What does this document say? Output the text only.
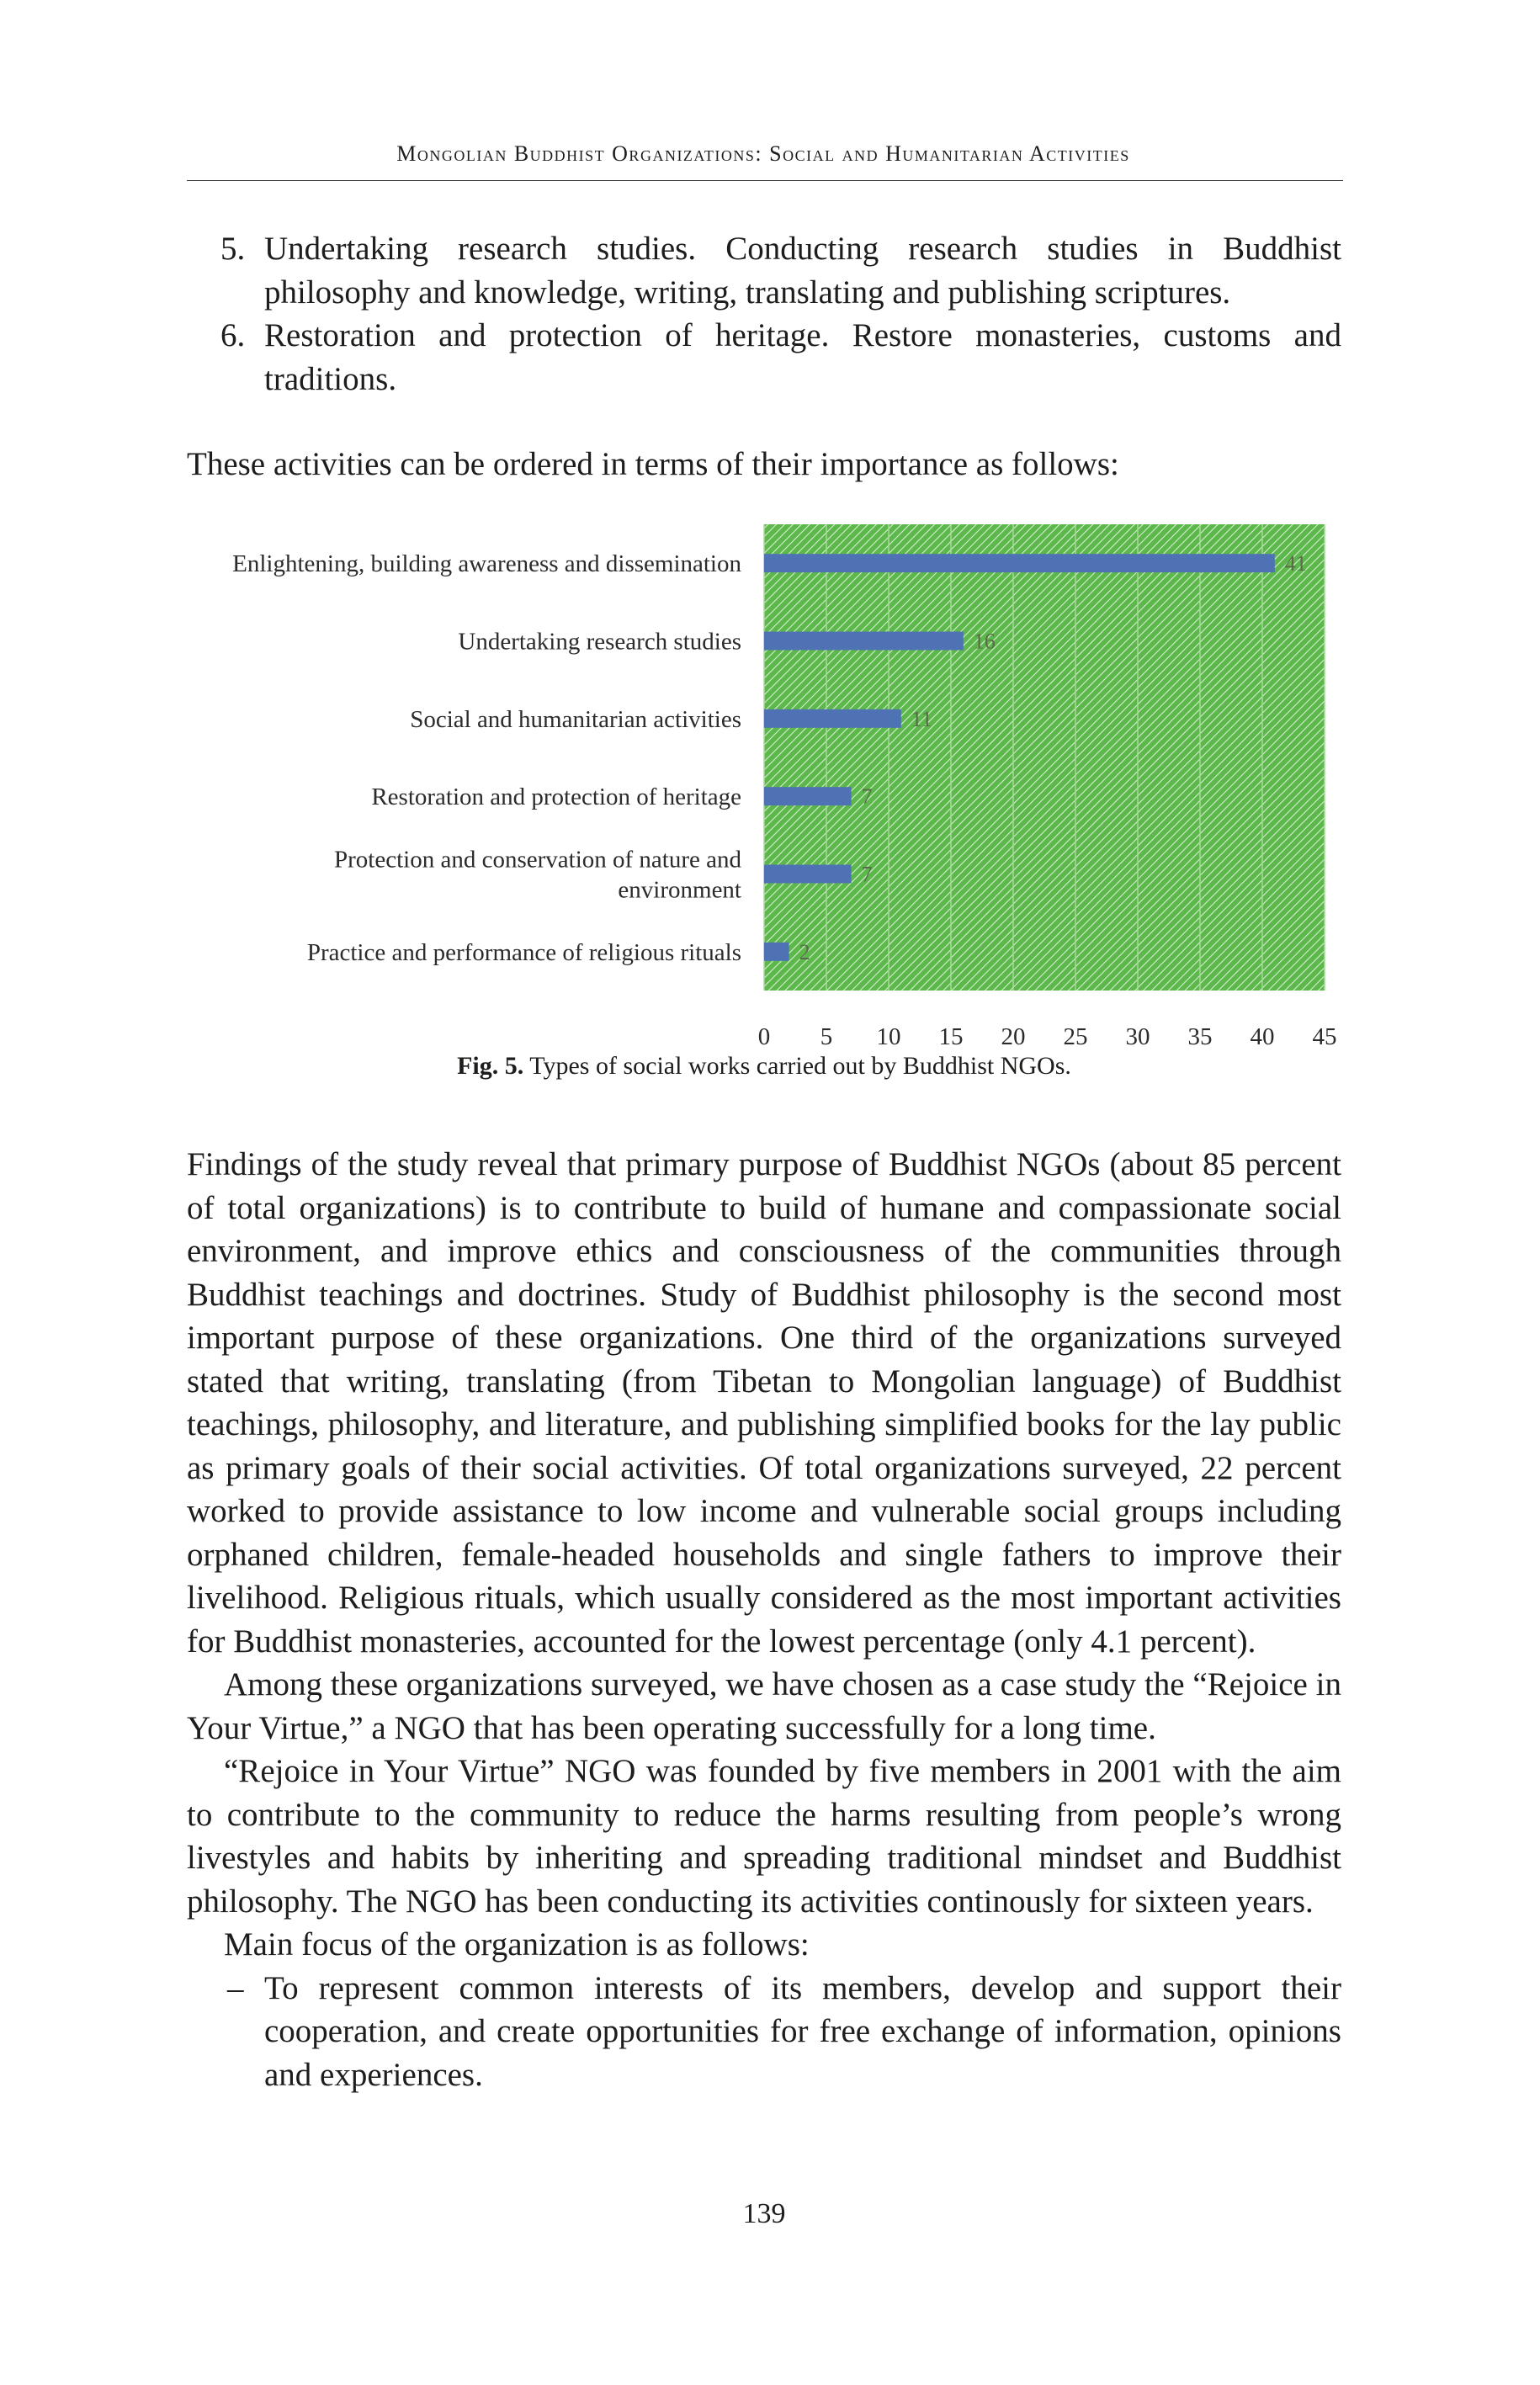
Mongolian Buddhist Organizations: Social and Humanitarian Activities
5. Undertaking research studies. Conducting research studies in Buddhist philosophy and knowledge, writing, translating and publishing scriptures.
6. Restoration and protection of heritage. Restore monasteries, customs and traditions.

These activities can be ordered in terms of their importance as follows:

Enlightening, building awareness and dissemination
Undertaking research studies
Social and humanitarian activities
Restoration and protection of heritage
Protection and conservation of nature and environment
Practice and performance of religious rituals
41
16
11
7
7
2
0 5 10 15 20 25 30 35 40 45
Fig. 5. Types of social works carried out by Buddhist NGOs.

Findings of the study reveal that primary purpose of Buddhist NGOs (about 85 percent of total organizations) is to contribute to build of humane and compassionate social environment, and improve ethics and consciousness of the communities through Buddhist teachings and doctrines. Study of Buddhist philosophy is the second most important purpose of these organizations. One third of the organizations surveyed stated that writing, translating (from Tibetan to Mongolian language) of Buddhist teachings, philosophy, and literature, and publishing simplified books for the lay public as primary goals of their social activities. Of total organizations surveyed, 22 percent worked to provide assistance to low income and vulnerable social groups including orphaned children, female-headed households and single fathers to improve their livelihood. Religious rituals, which usually considered as the most important activities for Buddhist monasteries, accounted for the lowest percentage (only 4.1 percent).

Among these organizations surveyed, we have chosen as a case study the “Rejoice in Your Virtue,” a NGO that has been operating successfully for a long time.

“Rejoice in Your Virtue” NGO was founded by five members in 2001 with the aim to contribute to the community to reduce the harms resulting from people’s wrong livestyles and habits by inheriting and spreading traditional mindset and Buddhist philosophy. The NGO has been conducting its activities continously for sixteen years.

Main focus of the organization is as follows:

– To represent common interests of its members, develop and support their cooperation, and create opportunities for free exchange of information, opinions and experiences.
139
